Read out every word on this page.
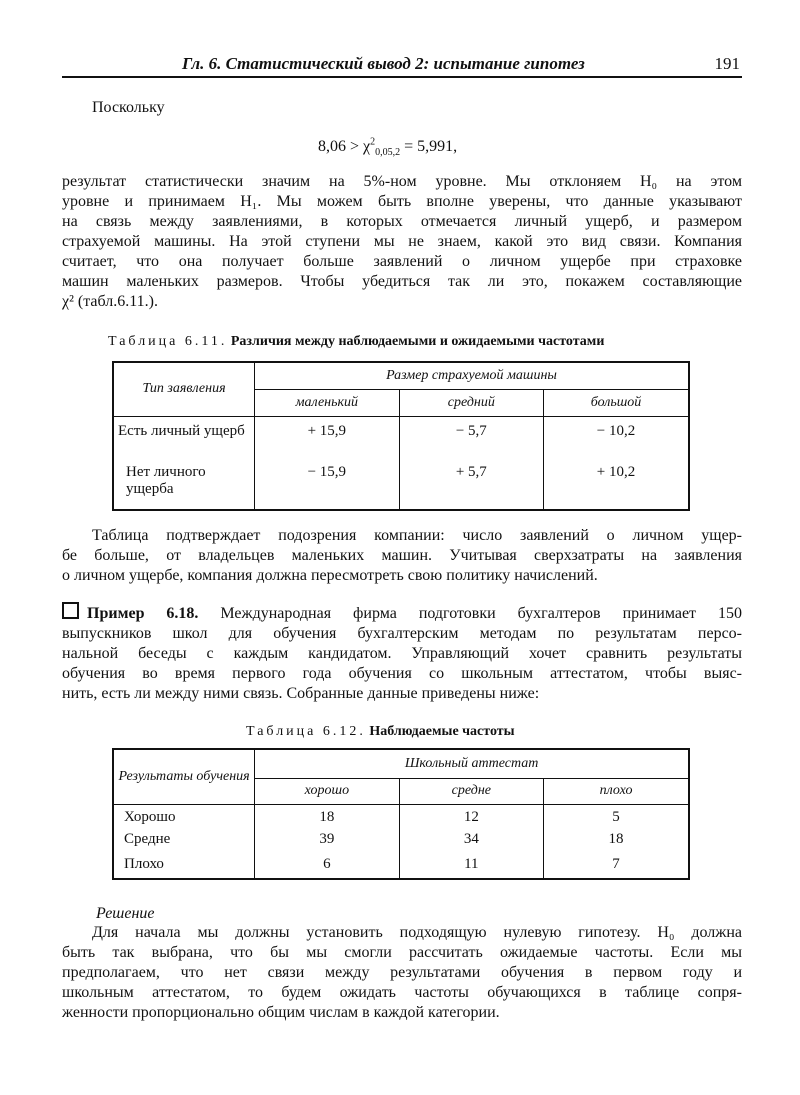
Гл. 6. Статистический вывод 2: испытание гипотез	191
Поскольку
$8,06 > \chi^2_{0,05,2} = 5,991$,
результат статистически значим на 5%-ном уровне. Мы отклоняем H₀ на этом
уровне и принимаем H₁. Мы можем быть вполне уверены, что данные указывают
на связь между заявлениями, в которых отмечается личный ущерб, и размером
страхуемой машины. На этой ступени мы не знаем, какой это вид связи. Компания
считает, что она получает больше заявлений о личном ущербе при страховке
машин маленьких размеров. Чтобы убедиться так ли это, покажем составляющие
χ² (табл.6.11.).
Таблица 6.11. Различия между наблюдаемыми и ожидаемыми частотами
Тип заявления	Размер страхуемой машины		
	маленький	средний	большой
Есть личный ущерб	+ 15,9	− 5,7	− 10,2
Нет личного ущерба	− 15,9	+ 5,7	+ 10,2
Таблица подтверждает подозрения компании: число заявлений о личном ущер-
бе больше, от владельцев маленьких машин. Учитывая сверхзатраты на заявления
о личном ущербе, компания должна пересмотреть свою политику начислений.
Пример 6.18. Международная фирма подготовки бухгалтеров принимает 150
выпускников школ для обучения бухгалтерским методам по результатам персо-
нальной беседы с каждым кандидатом. Управляющий хочет сравнить результаты
обучения во время первого года обучения со школьным аттестатом, чтобы выяс-
нить, есть ли между ними связь. Собранные данные приведены ниже:
Таблица 6.12. Наблюдаемые частоты
Результаты обучения	Школьный аттестат		
	хорошо	средне	плохо
Хорошо	18	12	5
Средне	39	34	18
Плохо	6	11	7
Решение
Для начала мы должны установить подходящую нулевую гипотезу. H₀ должна
быть так выбрана, что бы мы смогли рассчитать ожидаемые частоты. Если мы
предполагаем, что нет связи между результатами обучения в первом году и
школьным аттестатом, то будем ожидать частоты обучающихся в таблице сопря-
женности пропорционально общим числам в каждой категории.
